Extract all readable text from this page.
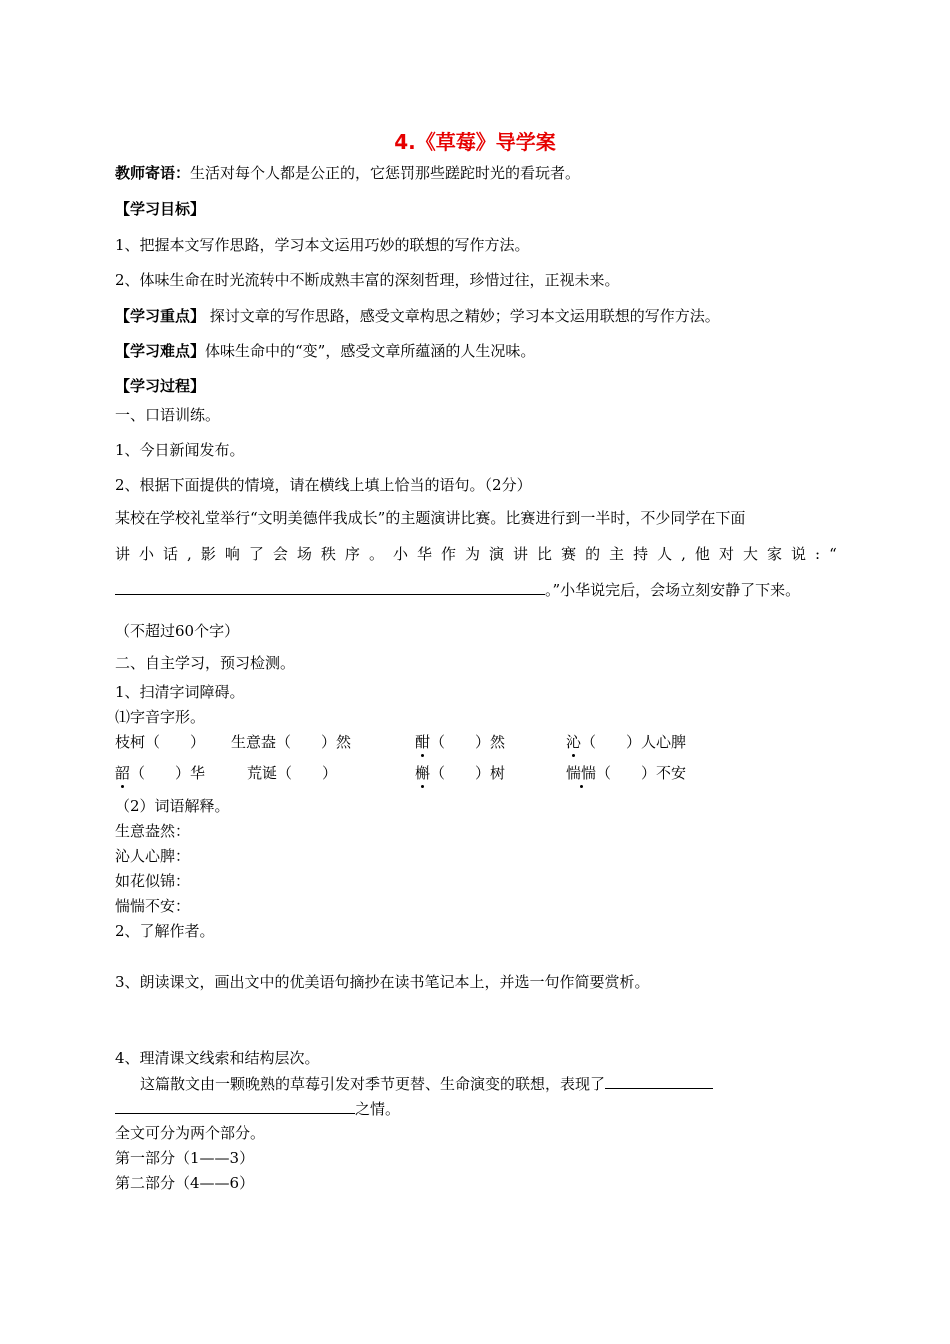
4.《草莓》导学案
教师寄语：生活对每个人都是公正的，它惩罚那些蹉跎时光的看玩者。
【学习目标】
1、把握本文写作思路，学习本文运用巧妙的联想的写作方法。
2、体味生命在时光流转中不断成熟丰富的深刻哲理，珍惜过往，正视未来。
【学习重点】 探讨文章的写作思路，感受文章构思之精妙；学习本文运用联想的写作方法。
【学习难点】体味生命中的“变”，感受文章所蕴涵的人生况味。
【学习过程】
一、口语训练。
1、今日新闻发布。
2、根据下面提供的情境，请在横线上填上恰当的语句。（2分）
某校在学校礼堂举行“文明美德伴我成长”的主题演讲比赛。比赛进行到一半时，不少同学在下面
讲 小 话 , 影 响 了 会 场 秩 序 。 小 华 作 为 演 讲 比 赛 的 主 持 人 , 他 对 大 家 说 : “
。”小华说完后，会场立刻安静了下来。
（不超过60个字）
二、自主学习，预习检测。
1、扫清字词障碍。
⑴字音字形。
枝柯（　　） 生意盎（　　）然	酣（　　）然	沁（　　）人心脾
韶（　　）华	荒诞（　　）	槲（　　）树	惴惴（　　）不安
（2）词语解释。
生意盎然：
沁人心脾：
如花似锦：
惴惴不安：
2、了解作者。
3、朗读课文，画出文中的优美语句摘抄在读书笔记本上，并选一句作简要赏析。
4、理清课文线索和结构层次。
这篇散文由一颗晚熟的草莓引发对季节更替、生命演变的联想，表现了
之情。
全文可分为两个部分。
第一部分（1——3）
第二部分（4——6）
